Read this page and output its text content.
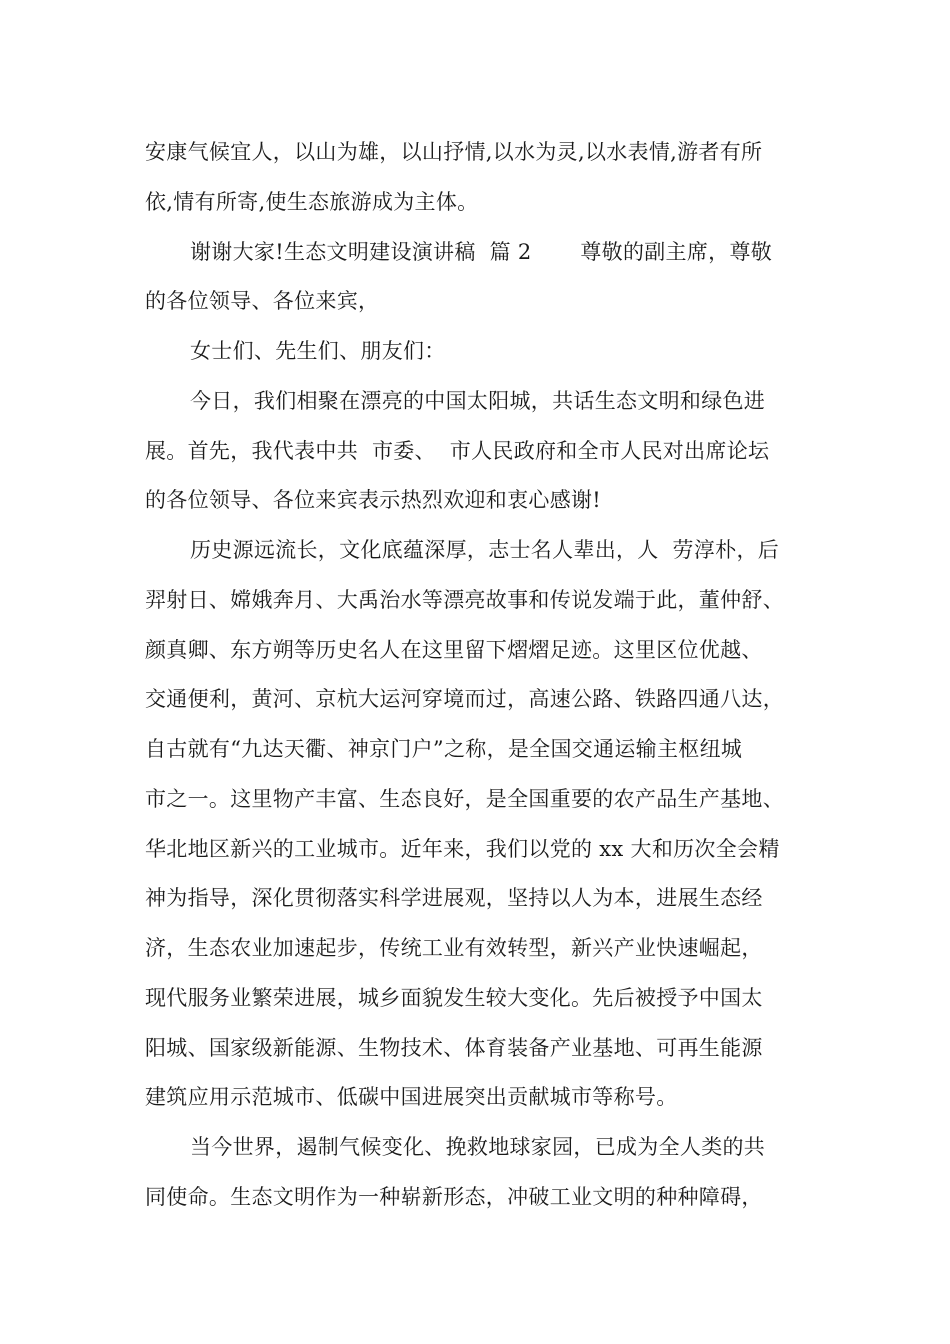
安康气候宜人，以山为雄，以山抒情,以水为灵,以水表情,游者有所
依,情有所寄,使生态旅游成为主体。
谢谢大家!生态文明建设演讲稿  篇 2       尊敬的副主席，尊敬
的各位领导、各位来宾，
女士们、先生们、朋友们：
今日，我们相聚在漂亮的中国太阳城，共话生态文明和绿色进
展。首先，我代表中共  市委、  市人民政府和全市人民对出席论坛
的各位领导、各位来宾表示热烈欢迎和衷心感谢!
历史源远流长，文化底蕴深厚，志士名人辈出，人  劳淳朴，后
羿射日、嫦娥奔月、大禹治水等漂亮故事和传说发端于此，董仲舒、
颜真卿、东方朔等历史名人在这里留下熠熠足迹。这里区位优越、
交通便利，黄河、京杭大运河穿境而过，高速公路、铁路四通八达，
自古就有“九达天衢、神京门户”之称，是全国交通运输主枢纽城
市之一。这里物产丰富、生态良好，是全国重要的农产品生产基地、
华北地区新兴的工业城市。近年来，我们以党的 xx 大和历次全会精
神为指导，深化贯彻落实科学进展观，坚持以人为本，进展生态经
济，生态农业加速起步，传统工业有效转型，新兴产业快速崛起，
现代服务业繁荣进展，城乡面貌发生较大变化。先后被授予中国太
阳城、国家级新能源、生物技术、体育装备产业基地、可再生能源
建筑应用示范城市、低碳中国进展突出贡献城市等称号。
当今世界，遏制气候变化、挽救地球家园，已成为全人类的共
同使命。生态文明作为一种崭新形态，冲破工业文明的种种障碍，
